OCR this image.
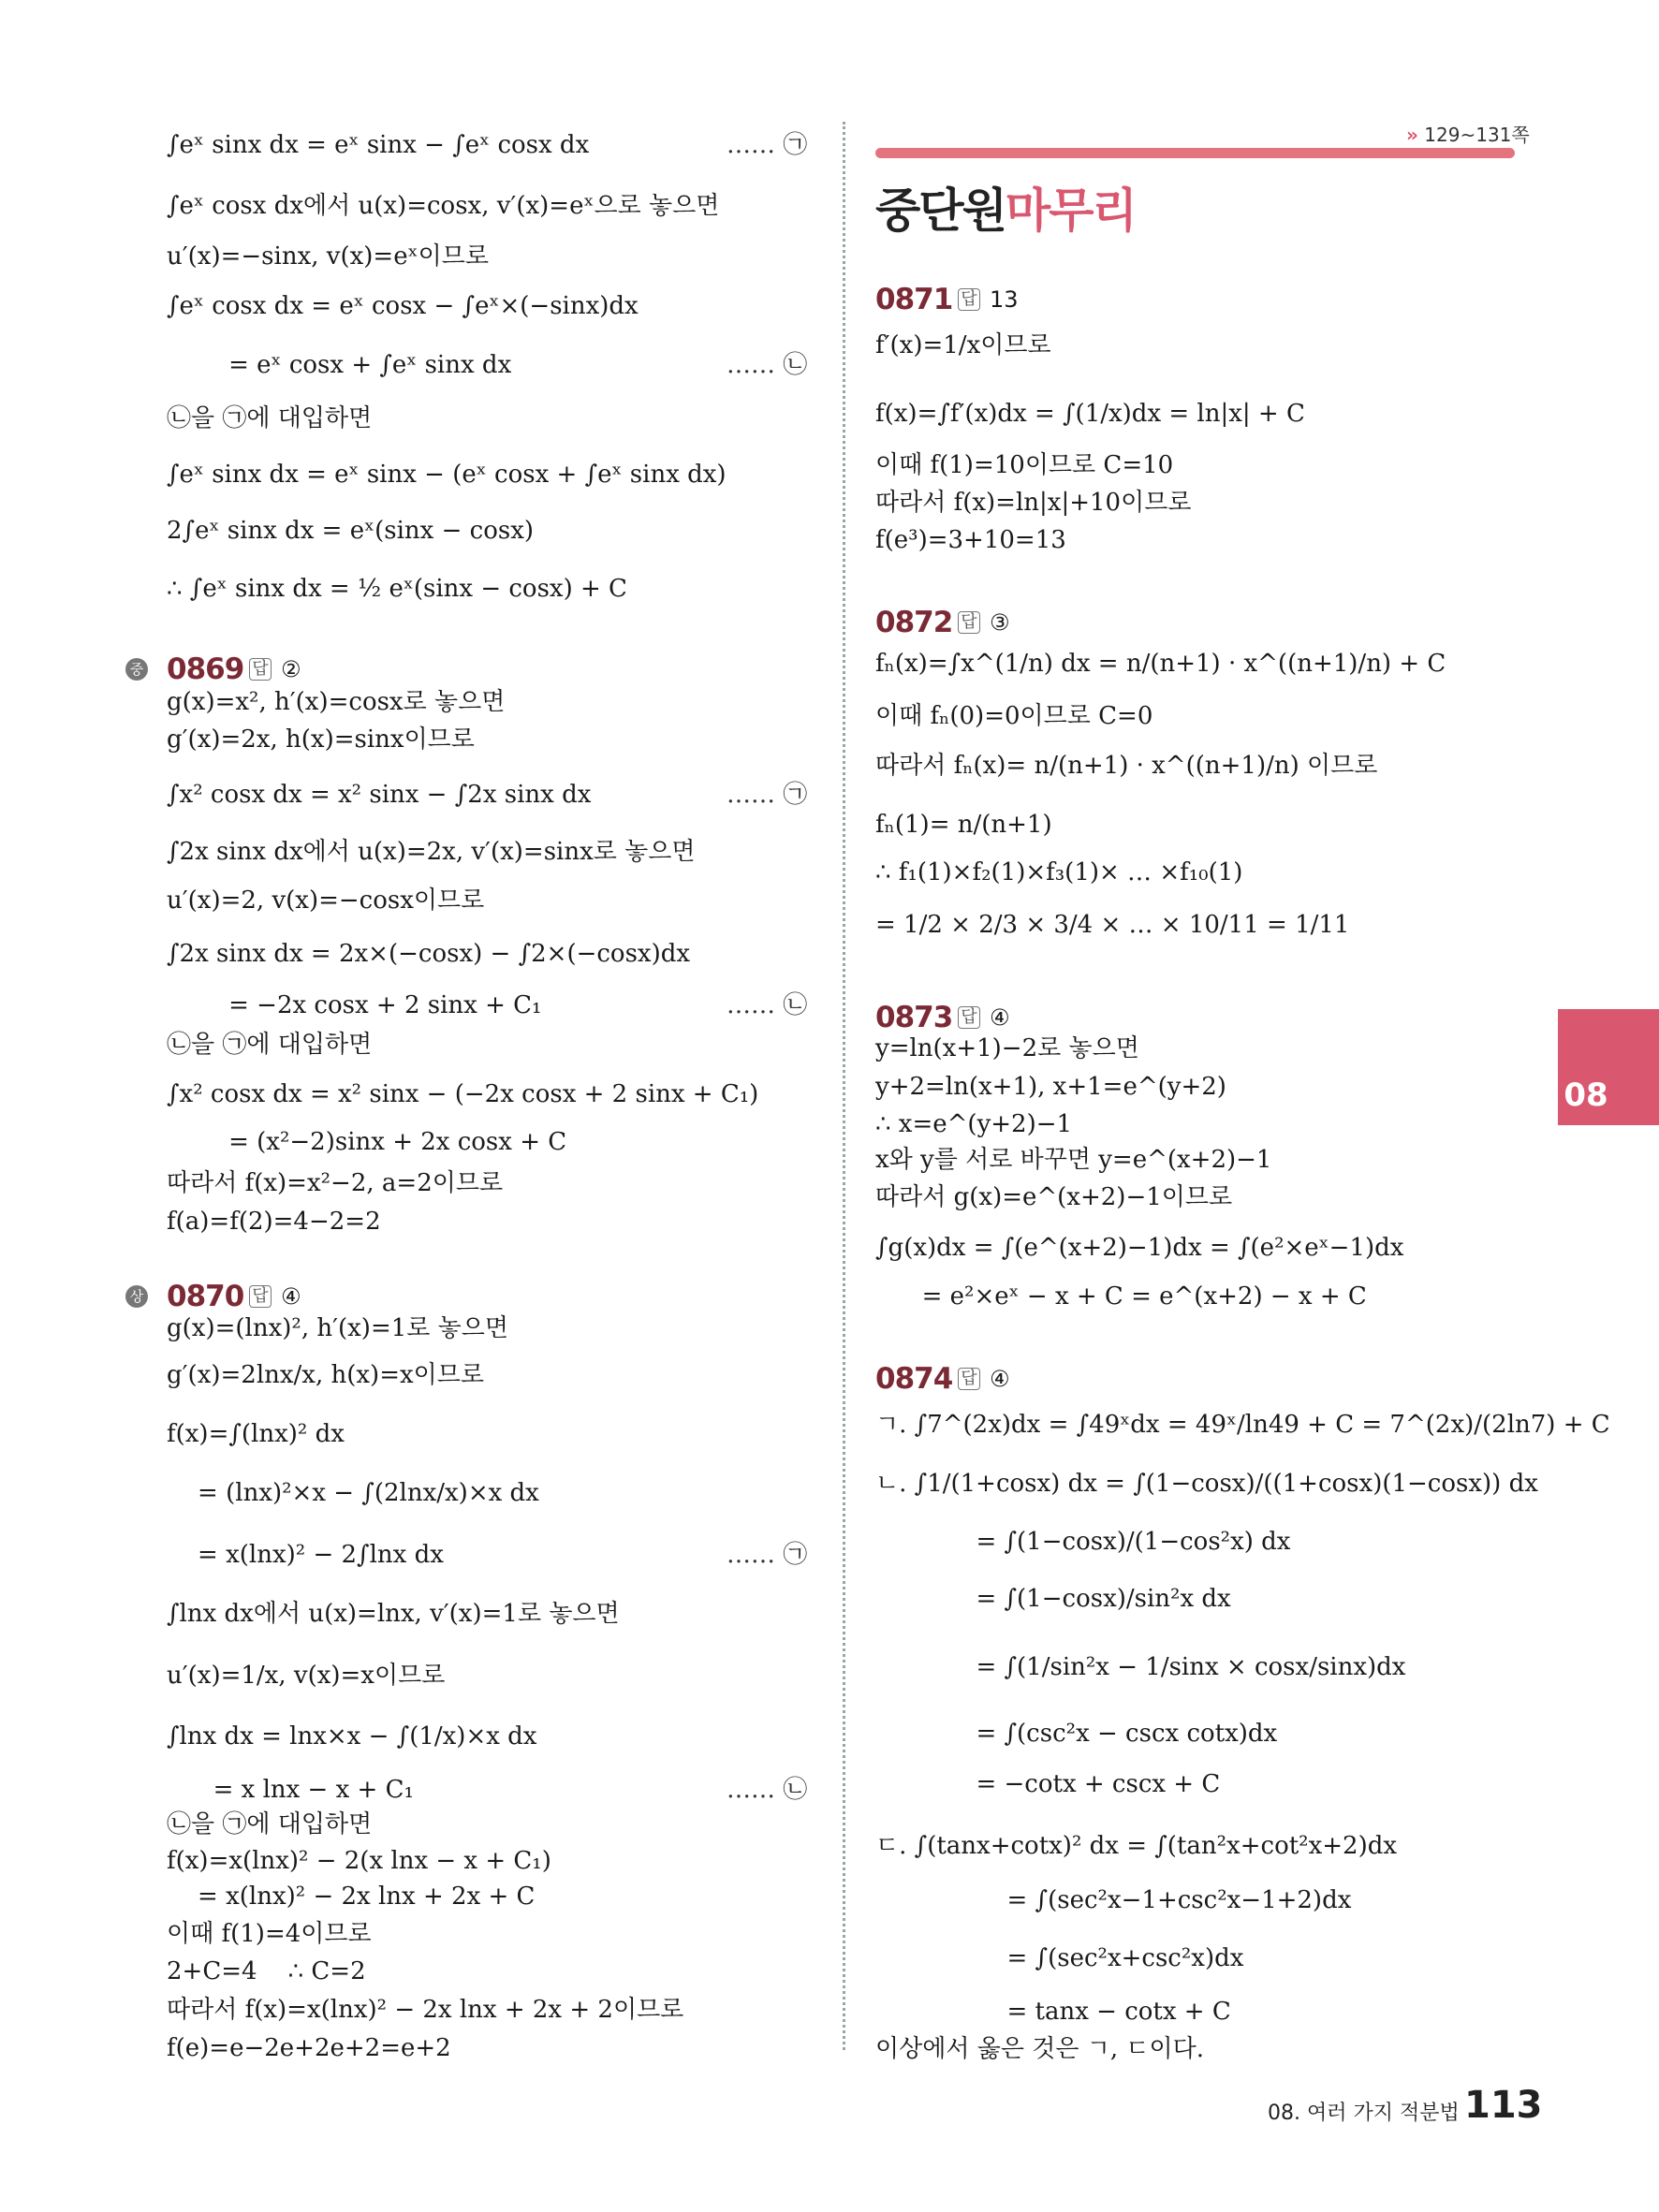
» 129~131쪽
중단원마무리
∫eˣ sinx dx = eˣ sinx − ∫eˣ cosx dx	…… ㉠
∫eˣ cosx dx에서 u(x)=cosx, v′(x)=eˣ으로 놓으면
u′(x)=−sinx, v(x)=eˣ이므로
∫eˣ cosx dx = eˣ cosx − ∫eˣ×(−sinx)dx
= eˣ cosx + ∫eˣ sinx dx	…… ㉡
㉡을 ㉠에 대입하면
∫eˣ sinx dx = eˣ sinx − (eˣ cosx + ∫eˣ sinx dx)
2∫eˣ sinx dx = eˣ(sinx − cosx)
∴ ∫eˣ sinx dx = ½ eˣ(sinx − cosx) + C
중 0869 답 ②
g(x)=x², h′(x)=cosx로 놓으면
g′(x)=2x, h(x)=sinx이므로
∫x² cosx dx = x² sinx − ∫2x sinx dx	…… ㉠
∫2x sinx dx에서 u(x)=2x, v′(x)=sinx로 놓으면
u′(x)=2, v(x)=−cosx이므로
∫2x sinx dx = 2x×(−cosx) − ∫2×(−cosx)dx
= −2x cosx + 2 sinx + C₁	…… ㉡
㉡을 ㉠에 대입하면
∫x² cosx dx = x² sinx − (−2x cosx + 2 sinx + C₁)
= (x²−2)sinx + 2x cosx + C
따라서 f(x)=x²−2, a=2이므로
f(a)=f(2)=4−2=2
상 0870 답 ④
g(x)=(lnx)², h′(x)=1로 놓으면
g′(x)=2lnx/x, h(x)=x이므로
f(x)=∫(lnx)² dx
= (lnx)²×x − ∫(2lnx/x)×x dx
= x(lnx)² − 2∫lnx dx	…… ㉠
∫lnx dx에서 u(x)=lnx, v′(x)=1로 놓으면
u′(x)=1/x, v(x)=x이므로
∫lnx dx = lnx×x − ∫(1/x)×x dx
= x lnx − x + C₁	…… ㉡
㉡을 ㉠에 대입하면
f(x)=x(lnx)² − 2(x lnx − x + C₁)
= x(lnx)² − 2x lnx + 2x + C
이때 f(1)=4이므로
2+C=4    ∴ C=2
따라서 f(x)=x(lnx)² − 2x lnx + 2x + 2이므로
f(e)=e−2e+2e+2=e+2
0871 답 13
f′(x)=1/x이므로
f(x)=∫f′(x)dx = ∫(1/x)dx = ln|x| + C
이때 f(1)=10이므로 C=10
따라서 f(x)=ln|x|+10이므로
f(e³)=3+10=13
0872 답 ③
fₙ(x)=∫x^(1/n) dx = n/(n+1) · x^((n+1)/n) + C
이때 fₙ(0)=0이므로 C=0
따라서 fₙ(x)= n/(n+1) · x^((n+1)/n) 이므로
fₙ(1)= n/(n+1)
∴ f₁(1)×f₂(1)×f₃(1)× … ×f₁₀(1)
= 1/2 × 2/3 × 3/4 × … × 10/11 = 1/11
0873 답 ④
y=ln(x+1)−2로 놓으면
y+2=ln(x+1), x+1=e^(y+2)
∴ x=e^(y+2)−1
x와 y를 서로 바꾸면 y=e^(x+2)−1
따라서 g(x)=e^(x+2)−1이므로
∫g(x)dx = ∫(e^(x+2)−1)dx = ∫(e²×eˣ−1)dx
= e²×eˣ − x + C = e^(x+2) − x + C
0874 답 ④
ㄱ. ∫7^(2x)dx = ∫49ˣdx = 49ˣ/ln49 + C = 7^(2x)/(2ln7) + C
ㄴ. ∫1/(1+cosx) dx = ∫(1−cosx)/((1+cosx)(1−cosx)) dx
= ∫(1−cosx)/(1−cos²x) dx
= ∫(1−cosx)/sin²x dx
= ∫(1/sin²x − 1/sinx × cosx/sinx)dx
= ∫(csc²x − cscx cotx)dx
= −cotx + cscx + C
ㄷ. ∫(tanx+cotx)² dx = ∫(tan²x+cot²x+2)dx
= ∫(sec²x−1+csc²x−1+2)dx
= ∫(sec²x+csc²x)dx
= tanx − cotx + C
이상에서 옳은 것은 ㄱ, ㄷ이다.
08
08. 여러 가지 적분법 113
